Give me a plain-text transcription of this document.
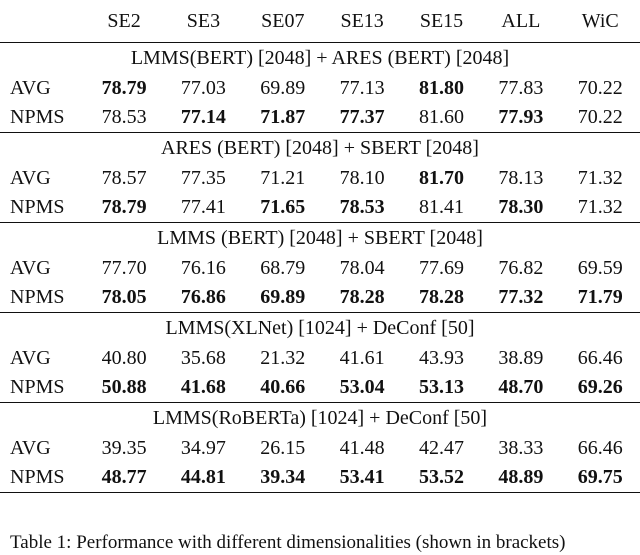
	SE2	SE3	SE07	SE13	SE15	ALL	WiC
LMMS(BERT) [2048] + ARES (BERT) [2048]							
AVG	78.79	77.03	69.89	77.13	81.80	77.83	70.22
NPMS	78.53	77.14	71.87	77.37	81.60	77.93	70.22
ARES (BERT) [2048] + SBERT [2048]							
AVG	78.57	77.35	71.21	78.10	81.70	78.13	71.32
NPMS	78.79	77.41	71.65	78.53	81.41	78.30	71.32
LMMS (BERT) [2048] + SBERT [2048]							
AVG	77.70	76.16	68.79	78.04	77.69	76.82	69.59
NPMS	78.05	76.86	69.89	78.28	78.28	77.32	71.79
LMMS(XLNet) [1024] + DeConf [50]							
AVG	40.80	35.68	21.32	41.61	43.93	38.89	66.46
NPMS	50.88	41.68	40.66	53.04	53.13	48.70	69.26
LMMS(RoBERTa) [1024] + DeConf [50]							
AVG	39.35	34.97	26.15	41.48	42.47	38.33	66.46
NPMS	48.77	44.81	39.34	53.41	53.52	48.89	69.75
Table 1: Performance with different dimensionalities (shown in brackets)
